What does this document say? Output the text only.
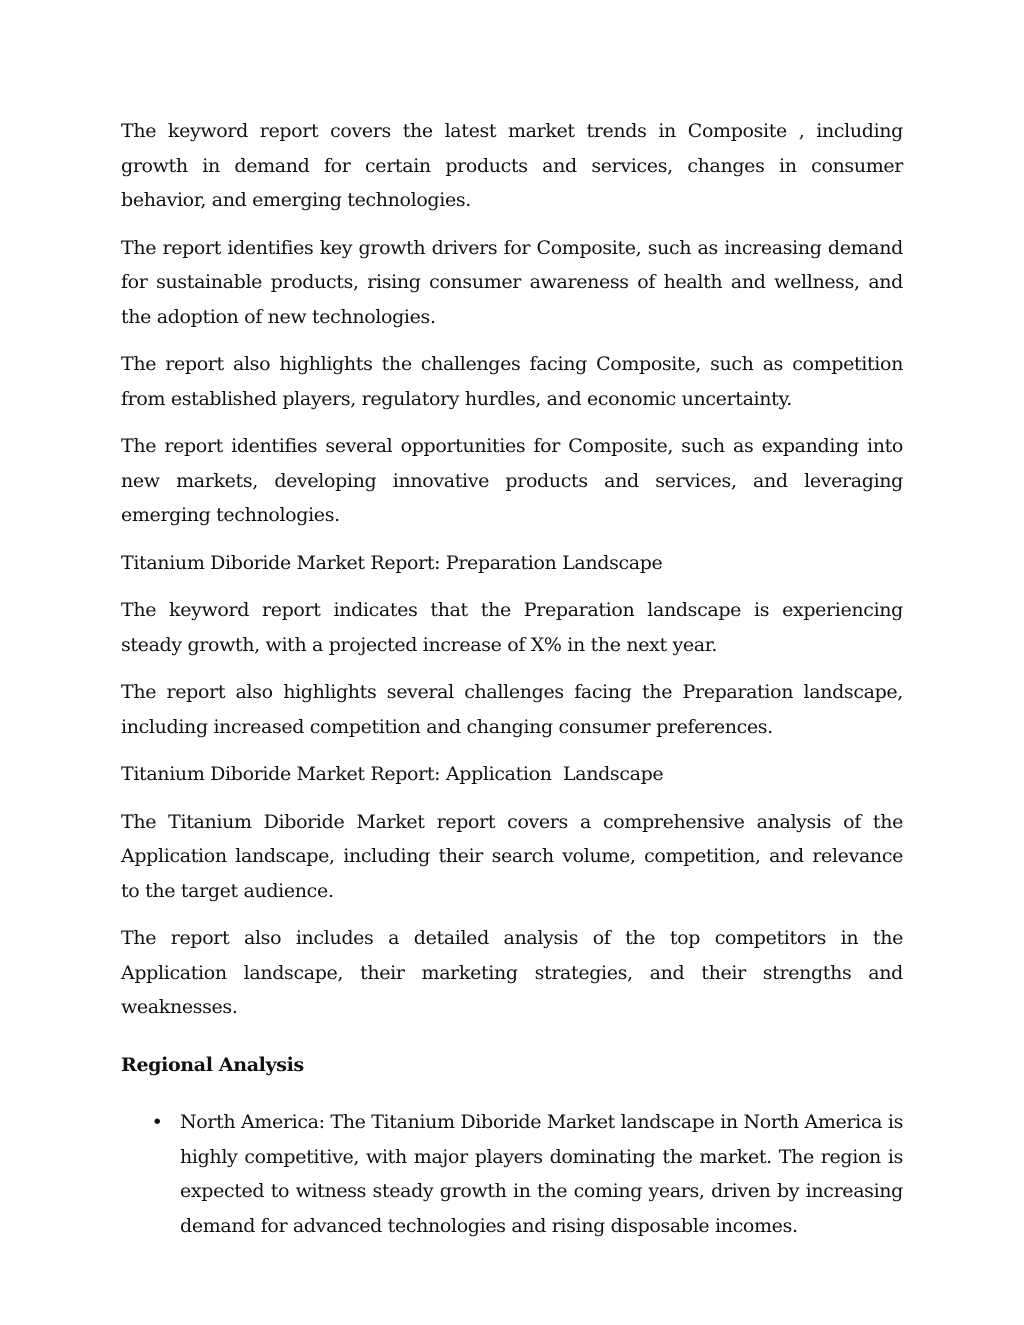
The keyword report covers the latest market trends in Composite , including growth in demand for certain products and services, changes in consumer behavior, and emerging technologies.

The report identifies key growth drivers for Composite, such as increasing demand for sustainable products, rising consumer awareness of health and wellness, and the adoption of new technologies.

The report also highlights the challenges facing Composite, such as competition from established players, regulatory hurdles, and economic uncertainty.

The report identifies several opportunities for Composite, such as expanding into new markets, developing innovative products and services, and leveraging emerging technologies.

Titanium Diboride Market Report: Preparation Landscape

The keyword report indicates that the Preparation landscape is experiencing steady growth, with a projected increase of X% in the next year.

The report also highlights several challenges facing the Preparation landscape, including increased competition and changing consumer preferences.

Titanium Diboride Market Report: Application  Landscape

The Titanium Diboride Market report covers a comprehensive analysis of the Application landscape, including their search volume, competition, and relevance to the target audience.

The report also includes a detailed analysis of the top competitors in the Application landscape, their marketing strategies, and their strengths and weaknesses.

Regional Analysis

• North America: The Titanium Diboride Market landscape in North America is highly competitive, with major players dominating the market. The region is expected to witness steady growth in the coming years, driven by increasing demand for advanced technologies and rising disposable incomes.
